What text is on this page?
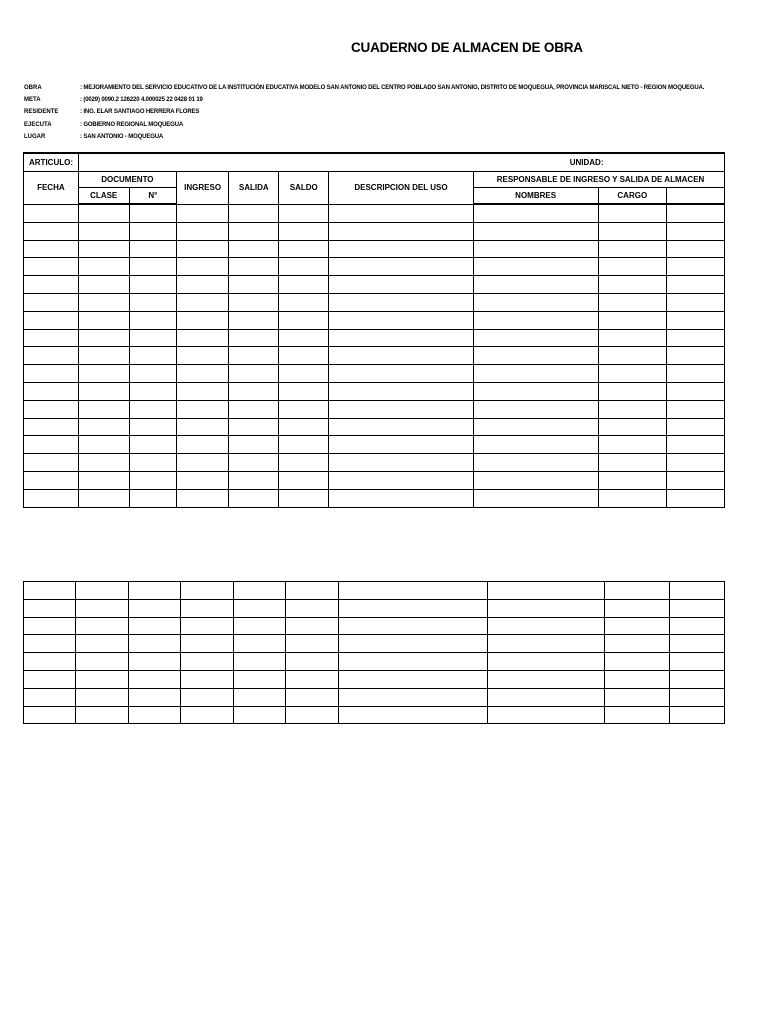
CUADERNO DE ALMACEN DE OBRA
OBRA	: MEJORAMIENTO DEL SERVICIO EDUCATIVO DE LA INSTITUCIÓN EDUCATIVA MODELO SAN ANTONIO DEL CENTRO POBLADO SAN ANTONIO, DISTRITO DE MOQUEGUA, PROVINCIA MARISCAL NIETO - REGION MOQUEGUA.
META	: (0029) 0090.2 126220 4.000025 22 0428 01 19
RESIDENTE	: ING. ELAR SANTIAGO HERRERA FLORES
EJECUTA	: GOBIERNO REGIONAL MOQUEGUA
LUGAR	: SAN ANTONIO - MOQUEGUA
ARTICULO:	UNIDAD:								
FECHA	DOCUMENTO		INGRESO	SALIDA	SALDO	DESCRIPCION DEL USO	RESPONSABLE DE INGRESO Y SALIDA DE ALMACEN		
	CLASE	N°					NOMBRES	CARGO	
